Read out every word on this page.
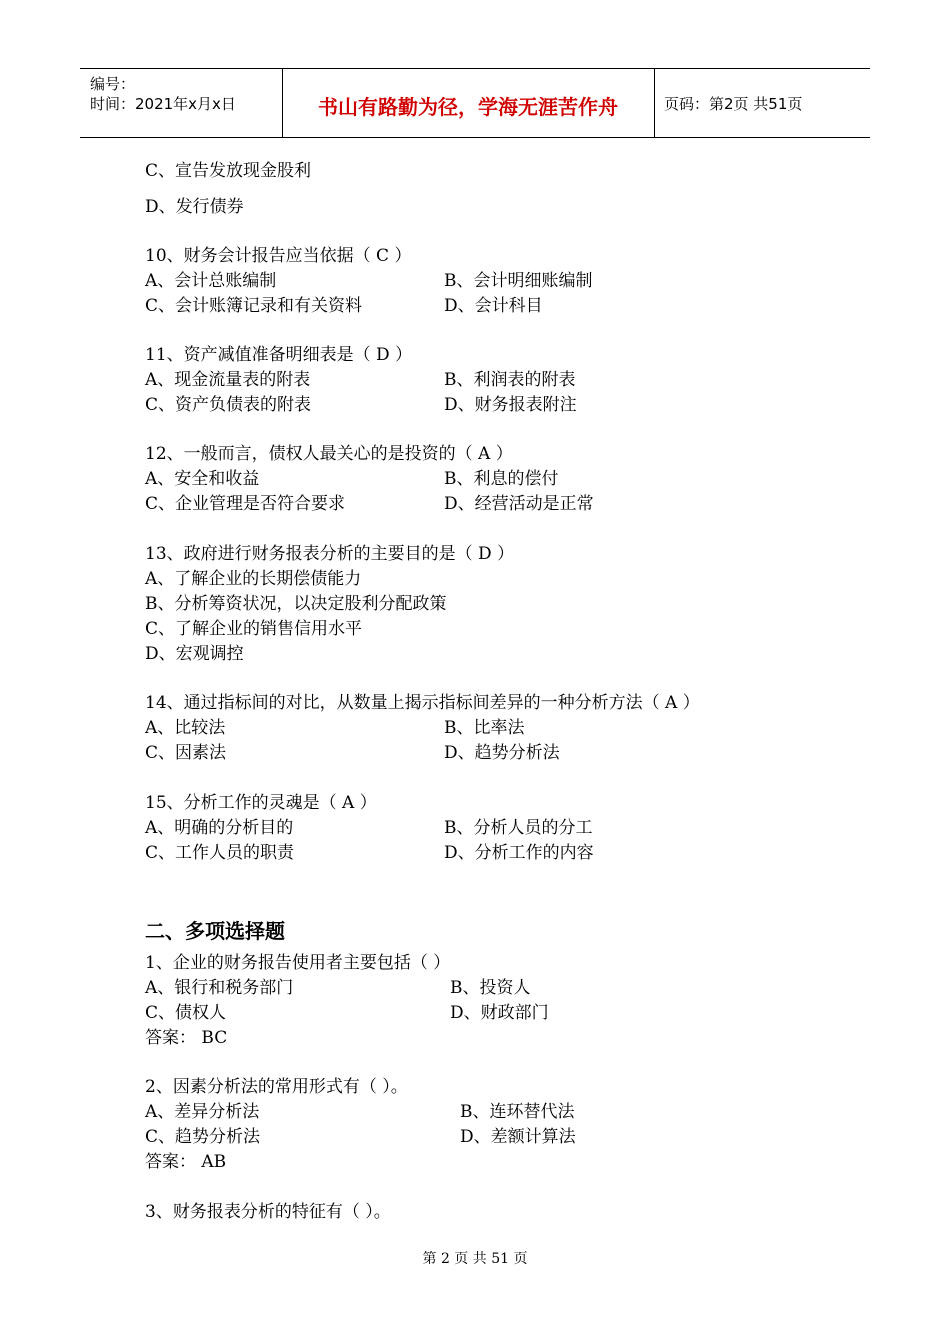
编号：
时间：2021年x月x日	书山有路勤为径，学海无涯苦作舟	页码：第2页 共51页
C、宣告发放现金股利
D、发行债券
10、财务会计报告应当依据（ C ）
A、会计总账编制	B、会计明细账编制
C、会计账簿记录和有关资料	D、会计科目
11、资产减值准备明细表是（ D ）
A、现金流量表的附表	B、利润表的附表
C、资产负债表的附表	D、财务报表附注
12、一般而言，债权人最关心的是投资的（ A ）
A、安全和收益	B、利息的偿付
C、企业管理是否符合要求	D、经营活动是正常
13、政府进行财务报表分析的主要目的是（ D ）
A、了解企业的长期偿债能力
B、分析筹资状况，以决定股利分配政策
C、了解企业的销售信用水平
D、宏观调控
14、通过指标间的对比，从数量上揭示指标间差异的一种分析方法（ A ）
A、比较法	B、比率法
C、因素法	D、趋势分析法
15、分析工作的灵魂是（ A ）
A、明确的分析目的	B、分析人员的分工
C、工作人员的职责	D、分析工作的内容
二、多项选择题
1、企业的财务报告使用者主要包括（ ）
A、银行和税务部门	B、投资人
C、债权人	D、财政部门
答案： BC
2、因素分析法的常用形式有（ ）。
A、差异分析法	B、连环替代法
C、趋势分析法	D、差额计算法
答案： AB
3、财务报表分析的特征有（ ）。
第 2 页 共 51 页
